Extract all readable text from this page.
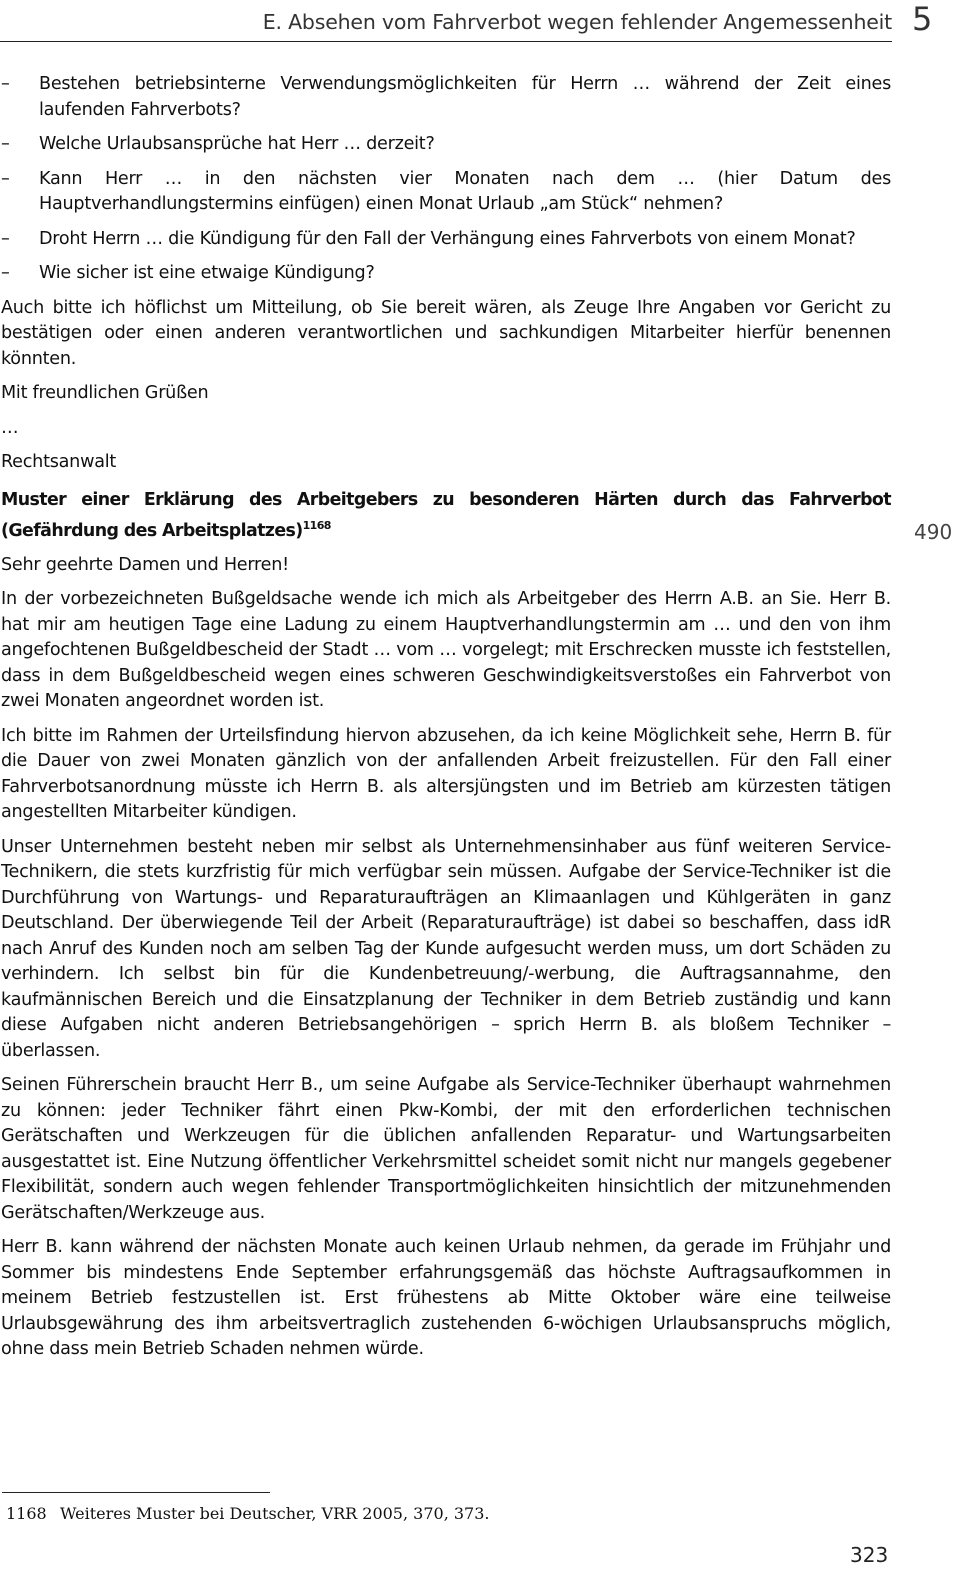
E. Absehen vom Fahrverbot wegen fehlender Angemessenheit 5
– Bestehen betriebsinterne Verwendungsmöglichkeiten für Herrn … während der Zeit eines laufenden Fahrverbots?
– Welche Urlaubsansprüche hat Herr … derzeit?
– Kann Herr … in den nächsten vier Monaten nach dem … (hier Datum des Hauptverhandlungstermins einfügen) einen Monat Urlaub „am Stück“ nehmen?
– Droht Herrn … die Kündigung für den Fall der Verhängung eines Fahrverbots von einem Monat?
– Wie sicher ist eine etwaige Kündigung?

Auch bitte ich höflichst um Mitteilung, ob Sie bereit wären, als Zeuge Ihre Angaben vor Gericht zu bestätigen oder einen anderen verantwortlichen und sachkundigen Mitarbeiter hierfür benennen könnten.

Mit freundlichen Grüßen
…
Rechtsanwalt

Muster einer Erklärung des Arbeitgebers zu besonderen Härten durch das Fahrverbot (Gefährdung des Arbeitsplatzes)$^{1168}$

Sehr geehrte Damen und Herren!

In der vorbezeichneten Bußgeldsache wende ich mich als Arbeitgeber des Herrn A.B. an Sie. Herr B. hat mir am heutigen Tage eine Ladung zu einem Hauptverhandlungstermin am … und den von ihm angefochtenen Bußgeldbescheid der Stadt … vom … vorgelegt; mit Erschrecken musste ich feststellen, dass in dem Bußgeldbescheid wegen eines schweren Geschwindigkeitsverstoßes ein Fahrverbot von zwei Monaten angeordnet worden ist.

Ich bitte im Rahmen der Urteilsfindung hiervon abzusehen, da ich keine Möglichkeit sehe, Herrn B. für die Dauer von zwei Monaten gänzlich von der anfallenden Arbeit freizustellen. Für den Fall einer Fahrverbotsanordnung müsste ich Herrn B. als altersjüngsten und im Betrieb am kürzesten tätigen angestellten Mitarbeiter kündigen.

Unser Unternehmen besteht neben mir selbst als Unternehmensinhaber aus fünf weiteren Service-Technikern, die stets kurzfristig für mich verfügbar sein müssen. Aufgabe der Service-Techniker ist die Durchführung von Wartungs- und Reparaturaufträgen an Klimaanlagen und Kühlgeräten in ganz Deutschland. Der überwiegende Teil der Arbeit (Reparaturaufträge) ist dabei so beschaffen, dass idR nach Anruf des Kunden noch am selben Tag der Kunde aufgesucht werden muss, um dort Schäden zu verhindern. Ich selbst bin für die Kundenbetreuung/-werbung, die Auftragsannahme, den kaufmännischen Bereich und die Einsatzplanung der Techniker in dem Betrieb zuständig und kann diese Aufgaben nicht anderen Betriebsangehörigen – sprich Herrn B. als bloßem Techniker – überlassen.

Seinen Führerschein braucht Herr B., um seine Aufgabe als Service-Techniker überhaupt wahrnehmen zu können: jeder Techniker fährt einen Pkw-Kombi, der mit den erforderlichen technischen Gerätschaften und Werkzeugen für die üblichen anfallenden Reparatur- und Wartungsarbeiten ausgestattet ist. Eine Nutzung öffentlicher Verkehrsmittel scheidet somit nicht nur mangels gegebener Flexibilität, sondern auch wegen fehlender Transportmöglichkeiten hinsichtlich der mitzunehmenden Gerätschaften/Werkzeuge aus.

Herr B. kann während der nächsten Monate auch keinen Urlaub nehmen, da gerade im Frühjahr und Sommer bis mindestens Ende September erfahrungsgemäß das höchste Auftragsaufkommen in meinem Betrieb festzustellen ist. Erst frühestens ab Mitte Oktober wäre eine teilweise Urlaubsgewährung des ihm arbeitsvertraglich zustehenden 6-wöchigen Urlaubsanspruchs möglich, ohne dass mein Betrieb Schaden nehmen würde.

490
1168 Weiteres Muster bei Deutscher, VRR 2005, 370, 373.
323
